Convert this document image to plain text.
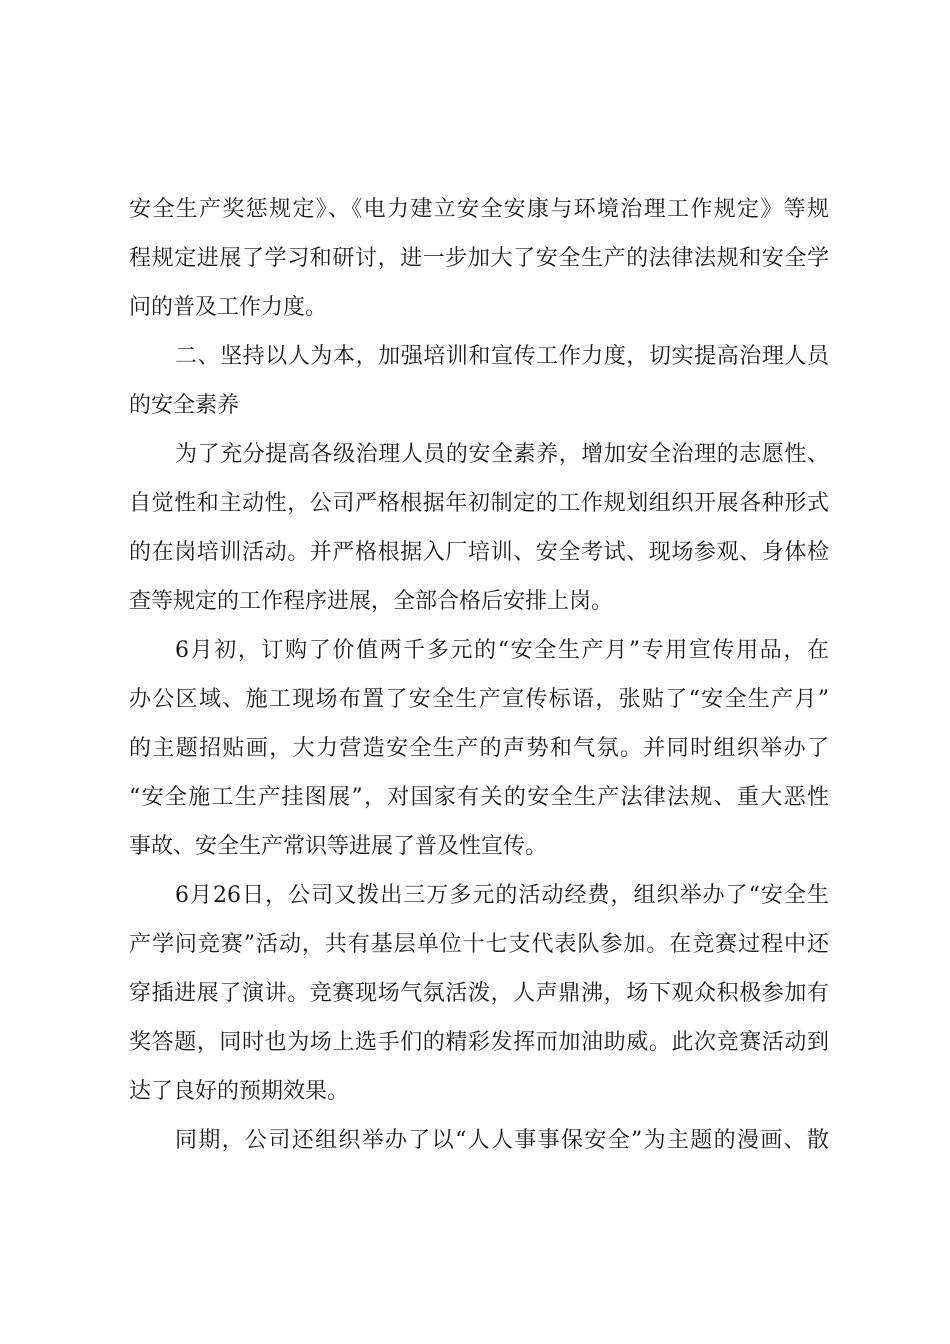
安全生产奖惩规定》、《电力建立安全安康与环境治理工作规定》等规
程规定进展了学习和研讨，进一步加大了安全生产的法律法规和安全学
问的普及工作力度。
二、坚持以人为本，加强培训和宣传工作力度，切实提高治理人员
的安全素养
为了充分提高各级治理人员的安全素养，增加安全治理的志愿性、
自觉性和主动性，公司严格根据年初制定的工作规划组织开展各种形式
的在岗培训活动。并严格根据入厂培训、安全考试、现场参观、身体检
查等规定的工作程序进展，全部合格后安排上岗。
6月初，订购了价值两千多元的“安全生产月”专用宣传用品，在
办公区域、施工现场布置了安全生产宣传标语，张贴了“安全生产月”
的主题招贴画，大力营造安全生产的声势和气氛。并同时组织举办了
“安全施工生产挂图展”，对国家有关的安全生产法律法规、重大恶性
事故、安全生产常识等进展了普及性宣传。
6月26日，公司又拨出三万多元的活动经费，组织举办了“安全生
产学问竞赛”活动，共有基层单位十七支代表队参加。在竞赛过程中还
穿插进展了演讲。竞赛现场气氛活泼，人声鼎沸，场下观众积极参加有
奖答题，同时也为场上选手们的精彩发挥而加油助威。此次竞赛活动到
达了良好的预期效果。
同期，公司还组织举办了以“人人事事保安全”为主题的漫画、散
